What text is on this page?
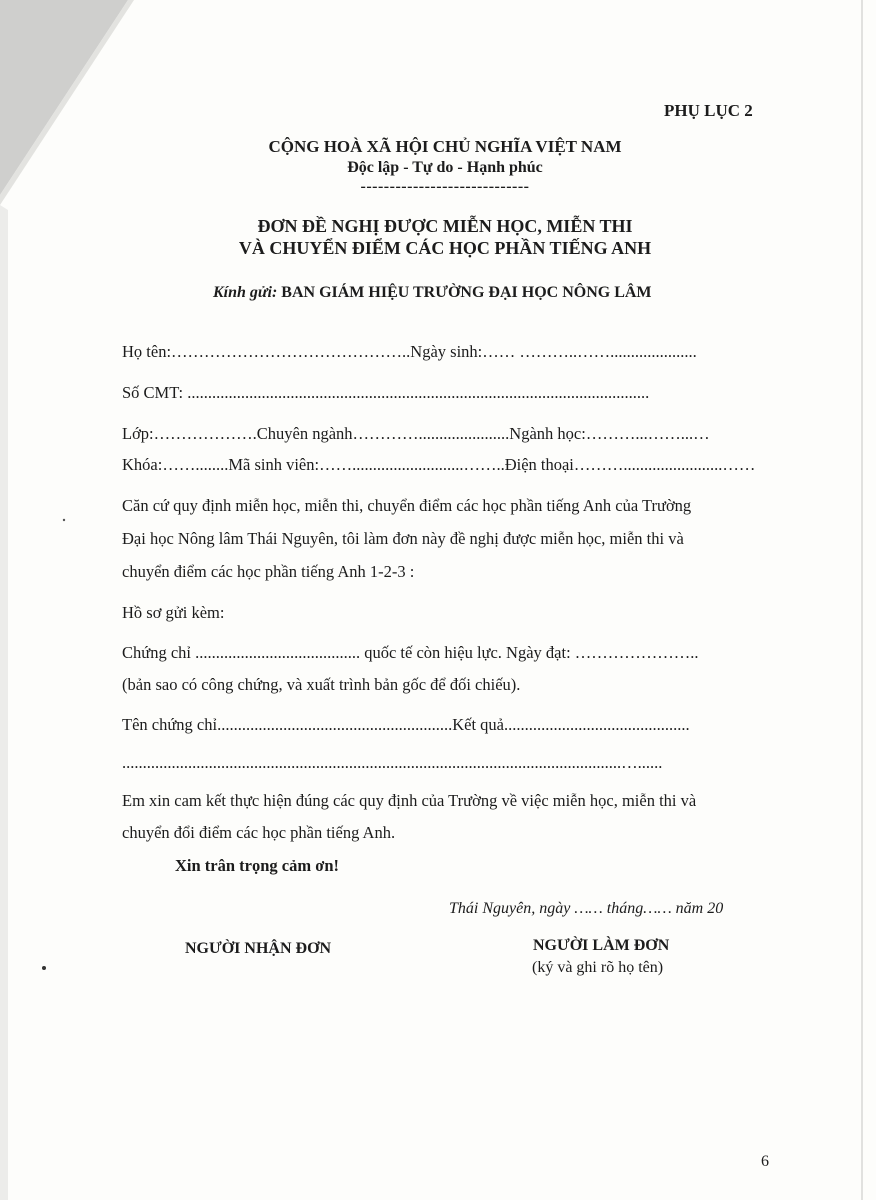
PHỤ LỤC 2
CỘNG HOÀ XÃ HỘI CHỦ NGHĨA VIỆT NAM
Độc lập - Tự do - Hạnh phúc
-----------------------------
ĐƠN ĐỀ NGHỊ ĐƯỢC MIỄN HỌC, MIỄN THI
VÀ CHUYỂN ĐIỂM CÁC HỌC PHẦN TIẾNG ANH
Kính gửi: BAN GIÁM HIỆU TRƯỜNG ĐẠI HỌC NÔNG LÂM
Họ tên:……………………………………..Ngày sinh:…… ………..…….....................
Số CMT: ................................................................................................................
Lớp:……………….Chuyên ngành…………......................Ngành học:………...……...…
Khóa:……........Mã sinh viên:……...........................……..Điện thoại………........................……
Căn cứ quy định miễn học, miễn thi, chuyển điểm các học phần tiếng Anh của Trường
Đại học Nông lâm Thái Nguyên, tôi làm đơn này đề nghị được miễn học, miễn thi và
chuyển điểm các học phần tiếng Anh 1-2-3 :
Hồ sơ gửi kèm:
Chứng chỉ ........................................ quốc tế còn hiệu lực. Ngày đạt: …………………..
(bản sao có công chứng, và xuất trình bản gốc để đối chiếu).
Tên chứng chỉ.........................................................Kết quả.............................................
.........................................................................................................................…......
Em xin cam kết thực hiện đúng các quy định của Trường về việc miễn học, miễn thi và
chuyển đổi điểm các học phần tiếng Anh.
Xin trân trọng cảm ơn!
Thái Nguyên, ngày …… tháng…… năm 20
NGƯỜI NHẬN ĐƠN	NGƯỜI LÀM ĐƠN
(ký và ghi rõ họ tên)
6
